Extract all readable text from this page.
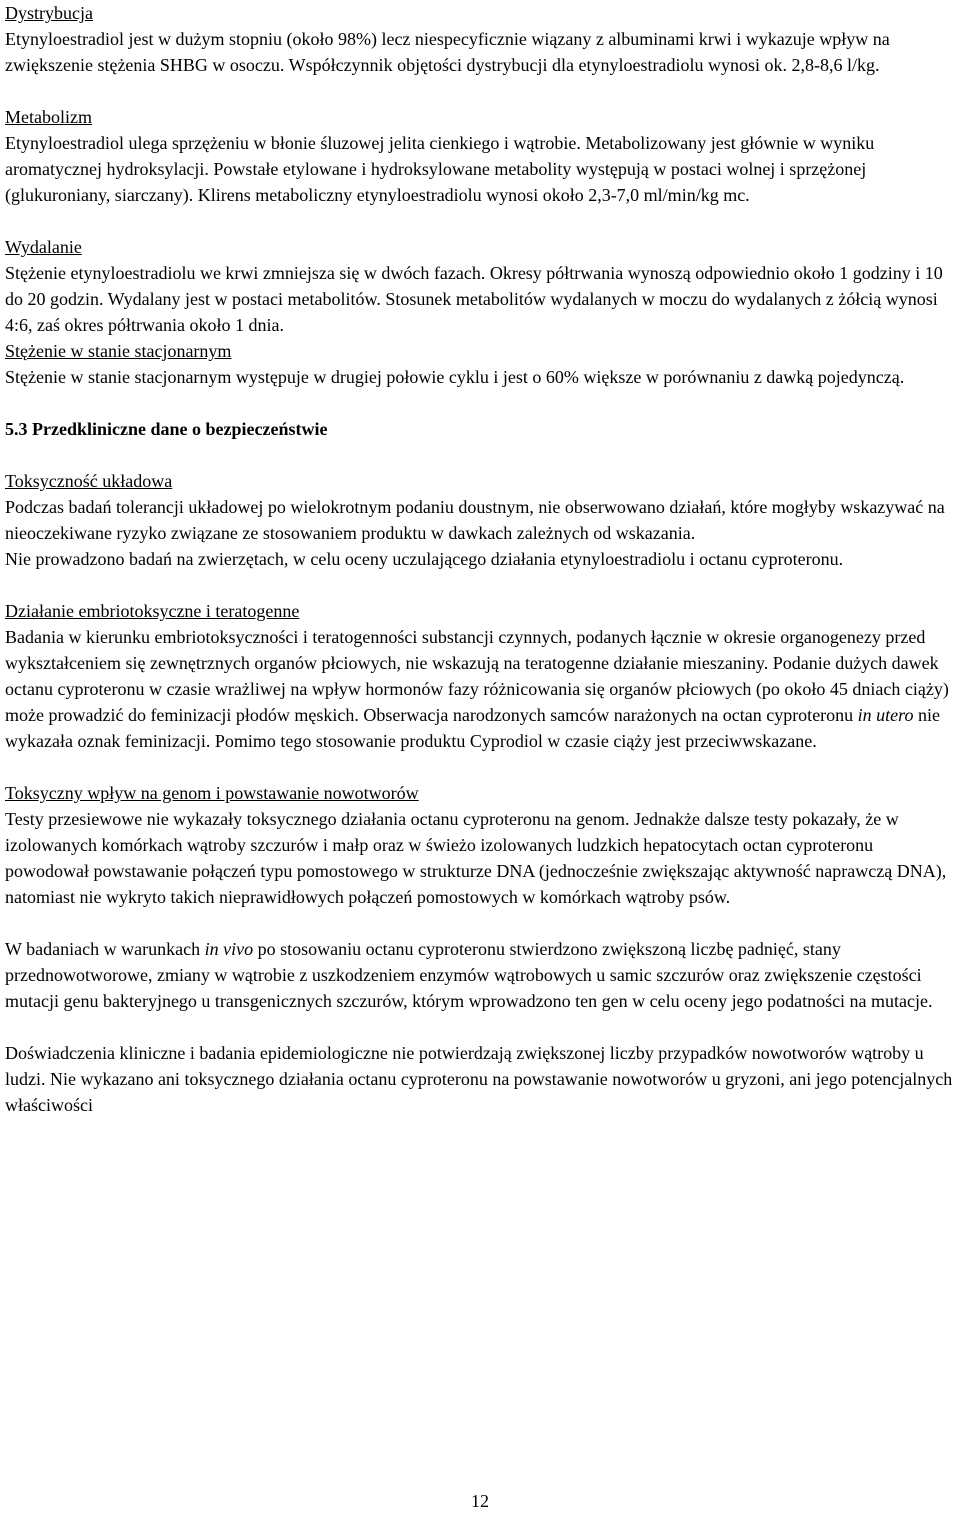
Dystrybucja

Etynyloestradiol jest w dużym stopniu (około 98%) lecz niespecyficznie wiązany z albuminami krwi i wykazuje wpływ na zwiększenie stężenia SHBG w osoczu. Współczynnik objętości dystrybucji dla etynyloestradiolu wynosi ok. 2,8-8,6 l/kg.

Metabolizm

Etynyloestradiol ulega sprzężeniu w błonie śluzowej jelita cienkiego i wątrobie. Metabolizowany jest głównie w wyniku aromatycznej hydroksylacji. Powstałe etylowane i hydroksylowane metabolity występują w postaci wolnej i sprzężonej (glukuroniany, siarczany). Klirens metaboliczny etynyloestradiolu wynosi około 2,3-7,0 ml/min/kg mc.

Wydalanie

Stężenie etynyloestradiolu we krwi zmniejsza się w dwóch fazach. Okresy półtrwania wynoszą odpowiednio około 1 godziny i 10 do 20 godzin. Wydalany jest w postaci metabolitów. Stosunek metabolitów wydalanych w moczu do wydalanych z żółcią wynosi 4:6, zaś okres półtrwania około 1 dnia.

Stężenie w stanie stacjonarnym

Stężenie w stanie stacjonarnym występuje w drugiej połowie cyklu i jest o 60% większe w porównaniu z dawką pojedynczą.

5.3 Przedkliniczne dane o bezpieczeństwie

Toksyczność układowa

Podczas badań tolerancji układowej po wielokrotnym podaniu doustnym, nie obserwowano działań, które mogłyby wskazywać na nieoczekiwane ryzyko związane ze stosowaniem produktu w dawkach zależnych od wskazania.

Nie prowadzono badań na zwierzętach, w celu oceny uczulającego działania etynyloestradiolu i octanu cyproteronu.

Działanie embriotoksyczne i teratogenne

Badania w kierunku embriotoksyczności i teratogenności substancji czynnych, podanych łącznie w okresie organogenezy przed wykształceniem się zewnętrznych organów płciowych, nie wskazują na teratogenne działanie mieszaniny. Podanie dużych dawek octanu cyproteronu w czasie wrażliwej na wpływ hormonów fazy różnicowania się organów płciowych (po około 45 dniach ciąży) może prowadzić do feminizacji płodów męskich. Obserwacja narodzonych samców narażonych na octan cyproteronu in utero nie wykazała oznak feminizacji. Pomimo tego stosowanie produktu Cyprodiol w czasie ciąży jest przeciwwskazane.

Toksyczny wpływ na genom i powstawanie nowotworów

Testy przesiewowe nie wykazały toksycznego działania octanu cyproteronu na genom. Jednakże dalsze testy pokazały, że w izolowanych komórkach wątroby szczurów i małp oraz w świeżo izolowanych ludzkich hepatocytach octan cyproteronu powodował powstawanie połączeń typu pomostowego w strukturze DNA (jednocześnie zwiększając aktywność naprawczą DNA), natomiast nie wykryto takich nieprawidłowych połączeń pomostowych w komórkach wątroby psów.

W badaniach w warunkach in vivo po stosowaniu octanu cyproteronu stwierdzono zwiększoną liczbę padnięć, stany przednowotworowe, zmiany w wątrobie z uszkodzeniem enzymów wątrobowych u samic szczurów oraz zwiększenie częstości mutacji genu bakteryjnego u transgenicznych szczurów, którym wprowadzono ten gen w celu oceny jego podatności na mutacje.

Doświadczenia kliniczne i badania epidemiologiczne nie potwierdzają zwiększonej liczby przypadków nowotworów wątroby u ludzi. Nie wykazano ani toksycznego działania octanu cyproteronu na powstawanie nowotworów u gryzoni, ani jego potencjalnych właściwości

12
